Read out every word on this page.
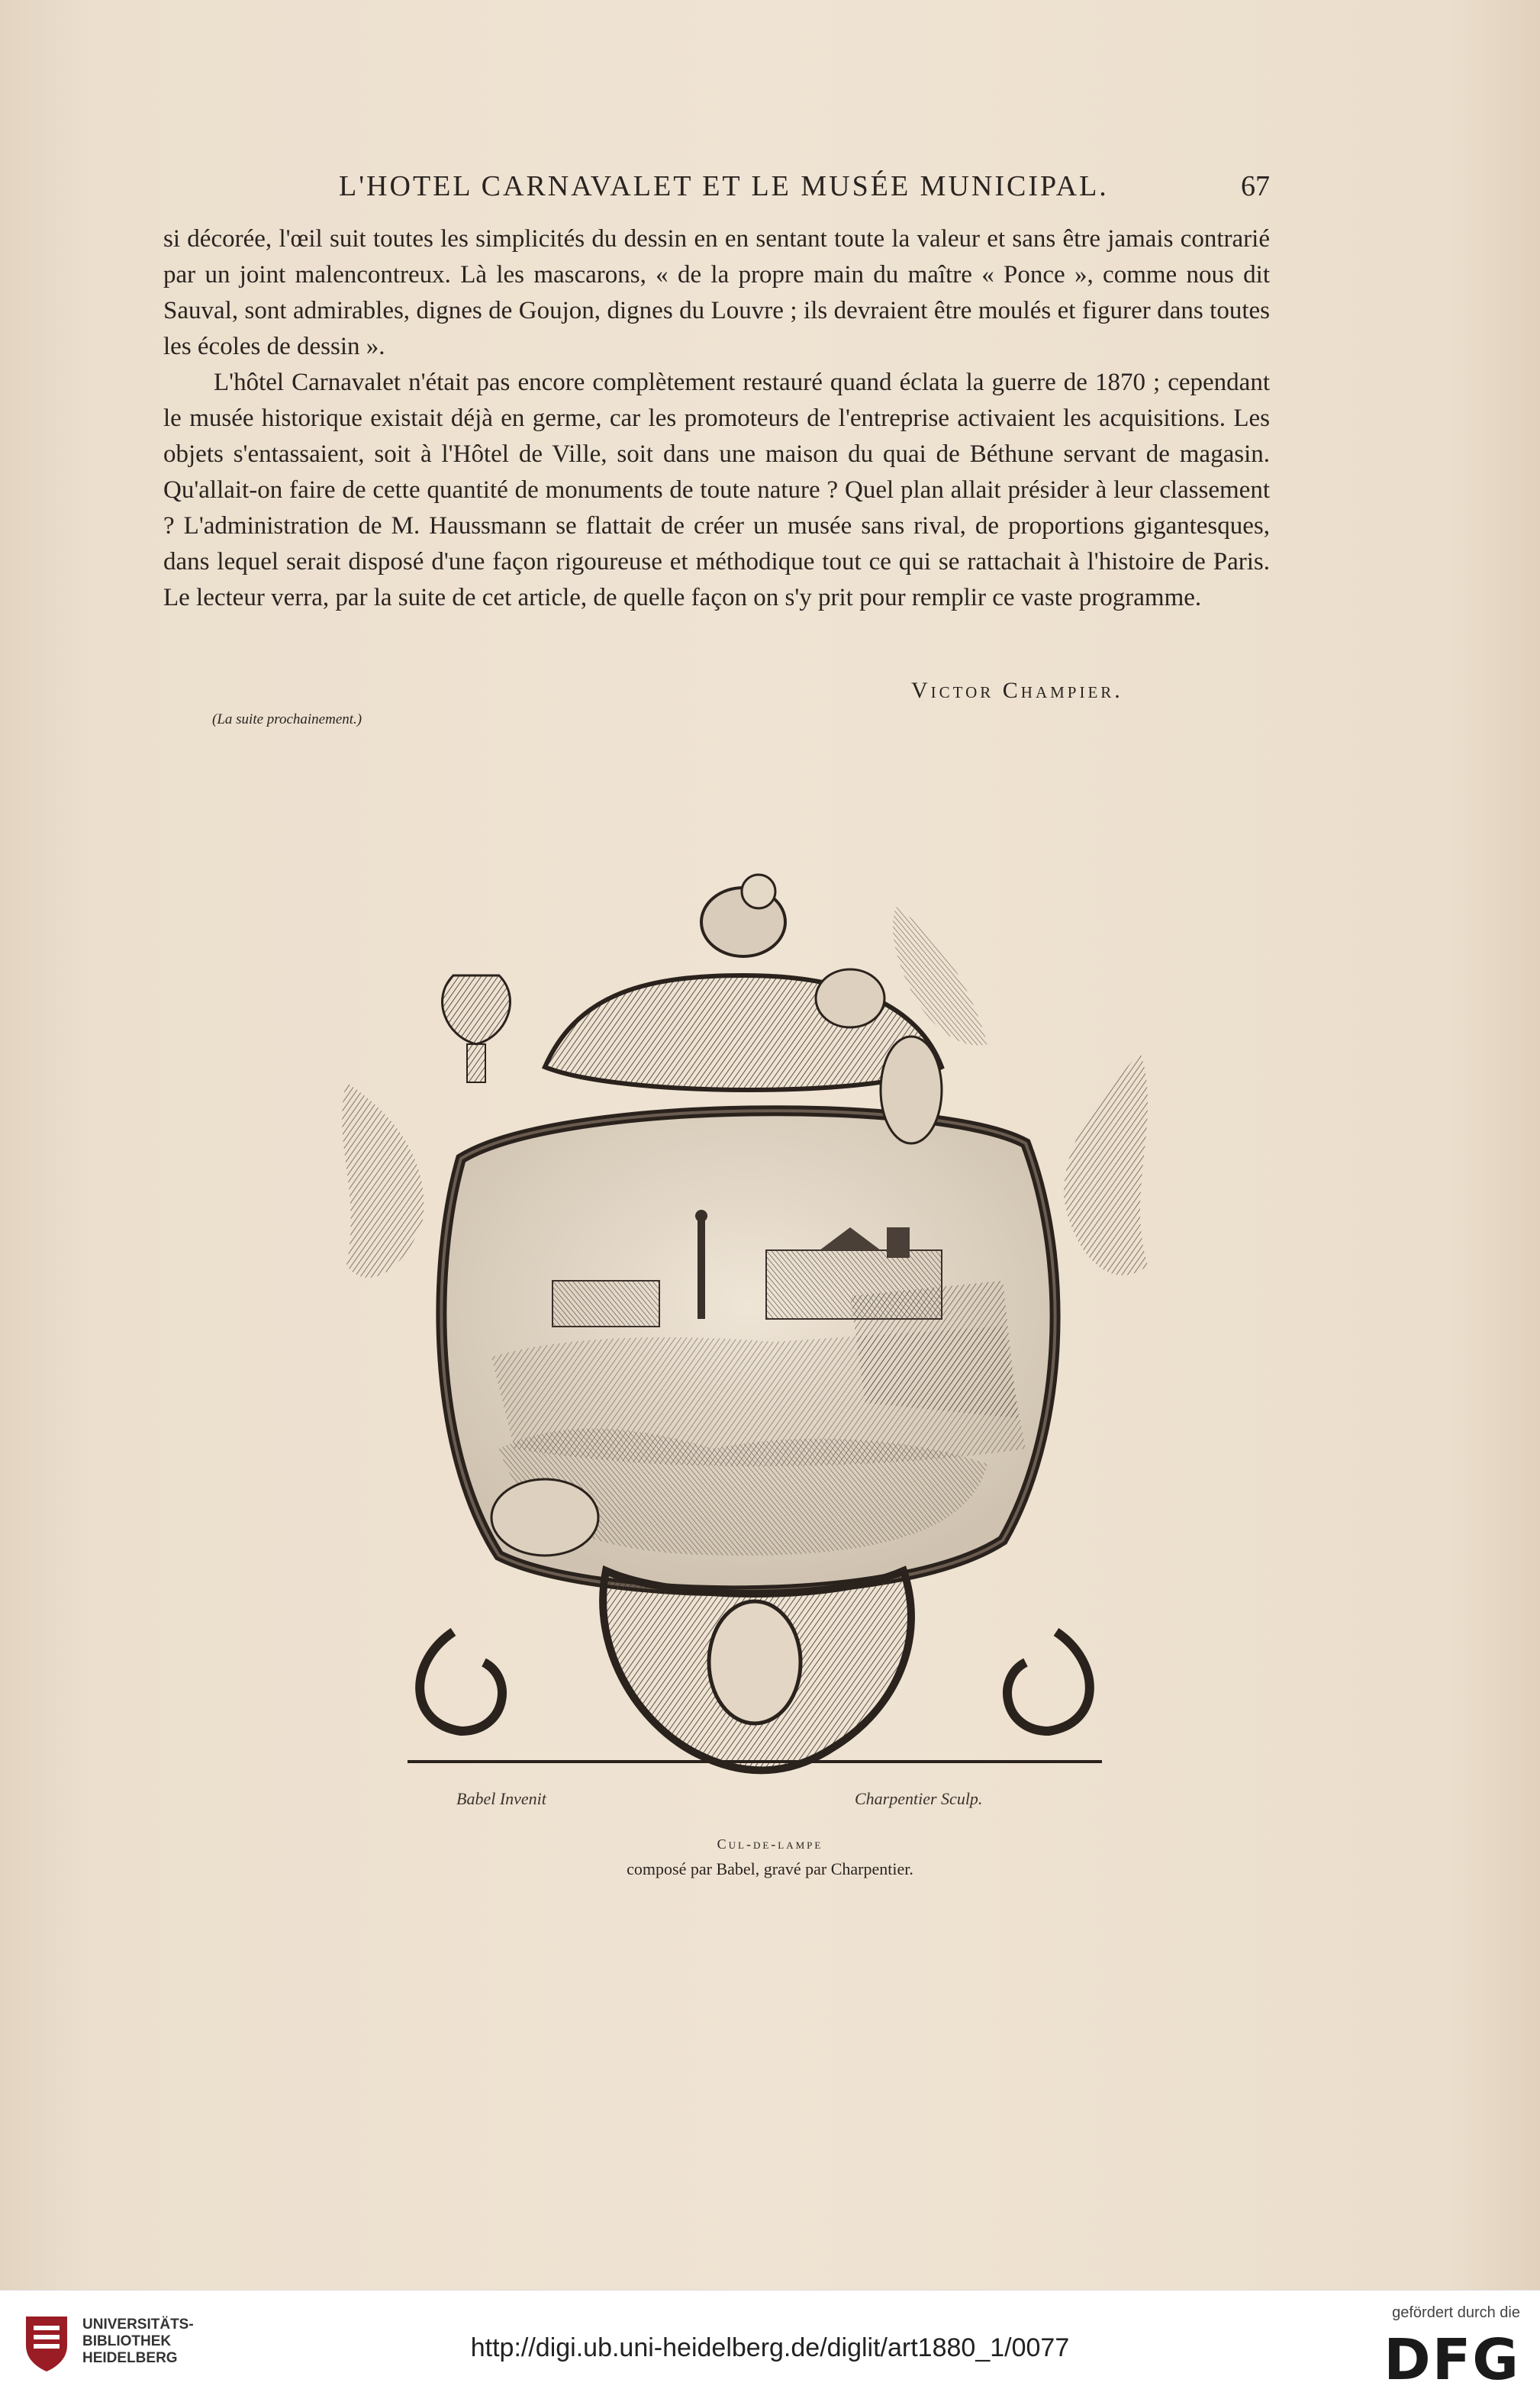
L'HOTEL CARNAVALET ET LE MUSÉE MUNICIPAL.	67

si décorée, l'œil suit toutes les simplicités du dessin en en sentant toute la valeur et sans être jamais contrarié par un joint malencontreux. Là les mascarons, « de la propre main du maître « Ponce », comme nous dit Sauval, sont admirables, dignes de Goujon, dignes du Louvre ; ils devraient être moulés et figurer dans toutes les écoles de dessin ».

L'hôtel Carnavalet n'était pas encore complètement restauré quand éclata la guerre de 1870 ; cependant le musée historique existait déjà en germe, car les promoteurs de l'entreprise activaient les acquisitions. Les objets s'entassaient, soit à l'Hôtel de Ville, soit dans une maison du quai de Béthune servant de magasin. Qu'allait-on faire de cette quantité de monuments de toute nature ? Quel plan allait présider à leur classement ? L'administration de M. Haussmann se flattait de créer un musée sans rival, de proportions gigantesques, dans lequel serait disposé d'une façon rigoureuse et méthodique tout ce qui se rattachait à l'histoire de Paris. Le lecteur verra, par la suite de cet article, de quelle façon on s'y prit pour remplir ce vaste programme.

Victor Champier.
(La suite prochainement.)
Babel Invenit	Charpentier Sculp.
Cul-de-lampe
composé par Babel, gravé par Charpentier.
UNIVERSITÄTS-
BIBLIOTHEK
HEIDELBERG	http://digi.ub.uni-heidelberg.de/diglit/art1880_1/0077
gefördert durch die
DFG
